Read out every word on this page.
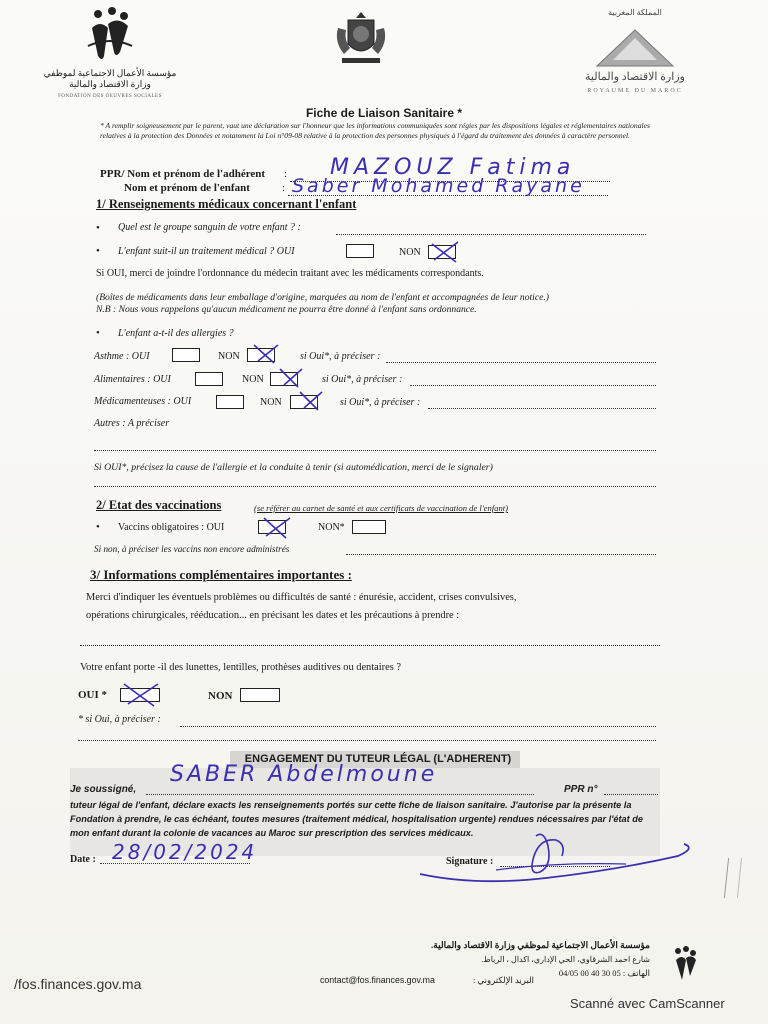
مؤسسة الأعمال الاجتماعية لموظفي وزارة الاقتصاد والمالية
FONDATION DES OEUVRES SOCIALES
المملكة المغربية
وزارة الاقتصاد والمالية
ROYAUME DU MAROC
Fiche de Liaison Sanitaire *
* A remplir soigneusement par le parent, vaut une déclaration sur l'honneur que les informations communiquées sont régies par les dispositions légales et réglementaires nationales relatives à la protection des Données et notamment la Loi n°09-08 relative à la protection des personnes physiques à l'égard du traitement des données à caractère personnel.
PPR/ Nom et prénom de l'adhérent : MAZOUZ Fatima
Nom et prénom de l'enfant	: Saber Mohamed Rayane
1/ Renseignements médicaux concernant l'enfant
• Quel est le groupe sanguin de votre enfant ? :
• L'enfant suit-il un traitement médical ? OUI	NON
Si OUI, merci de joindre l'ordonnance du médecin traitant avec les médicaments correspondants.
(Boîtes de médicaments dans leur emballage d'origine, marquées au nom de l'enfant et accompagnées de leur notice.)
N.B : Nous vous rappelons qu'aucun médicament ne pourra être donné à l'enfant sans ordonnance.
• L'enfant a-t-il des allergies ?
Asthme : OUI	NON	si Oui*, à préciser :
Alimentaires : OUI	NON	si Oui*, à préciser :
Médicamenteuses : OUI	NON	si Oui*, à préciser :
Autres : A préciser
Si OUI*, précisez la cause de l'allergie et la conduite à tenir (si automédication, merci de le signaler)
2/ Etat des vaccinations	(se référer au carnet de santé et aux certificats de vaccination de l'enfant)
• Vaccins obligatoires : OUI	NON*
Si non, à préciser les vaccins non encore administrés
3/ Informations complémentaires importantes :
Merci d'indiquer les éventuels problèmes ou difficultés de santé : énurésie, accident, crises convulsives,
opérations chirurgicales, rééducation... en précisant les dates et les précautions à prendre :
Votre enfant porte -il des lunettes, lentilles, prothèses auditives ou dentaires ?
OUI *	NON
* si Oui, à préciser :
ENGAGEMENT DU TUTEUR LÉGAL (L'ADHERENT)
Je soussigné,
SABER Abdelmoune
PPR n°
tuteur légal de l'enfant, déclare exacts les renseignements portés sur cette fiche de liaison sanitaire. J'autorise par la présente la Fondation à prendre, le cas échéant, toutes mesures (traitement médical, hospitalisation urgente) rendues nécessaires par l'état de mon enfant durant la colonie de vacances au Maroc sur prescription des services médicaux.
Date : 28/02/2024	Signature :
مؤسسة الأعمال الاجتماعية لموظفي وزارة الاقتصاد والمالية.
شارع احمد الشرقاوي، الحي الإداري، اكدال ، الرباط.
الهاتف : 05 30 40 00 04/05
contact@fos.finances.gov.ma	البريد الإلكتروني :
/fos.finances.gov.ma
Scanné avec CamScanner
